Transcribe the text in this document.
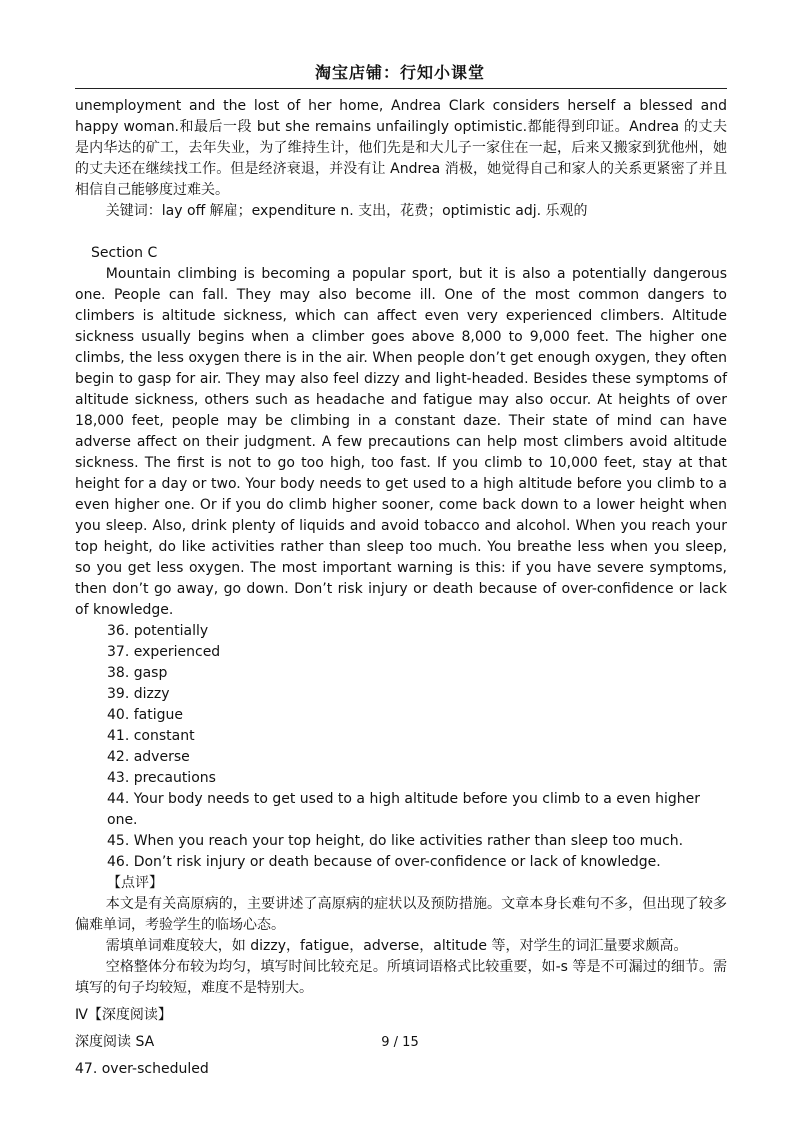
淘宝店铺：行知小课堂

unemployment and the lost of her home, Andrea Clark considers herself a blessed and happy woman.和最后一段 but she remains unfailingly optimistic.都能得到印证。Andrea 的丈夫是内华达的矿工，去年失业，为了维持生计，他们先是和大儿子一家住在一起，后来又搬家到犹他州，她的丈夫还在继续找工作。但是经济衰退，并没有让 Andrea 消极，她觉得自己和家人的关系更紧密了并且相信自己能够度过难关。

关键词：lay off 解雇；expenditure n. 支出，花费；optimistic adj. 乐观的

Section C

Mountain climbing is becoming a popular sport, but it is also a potentially dangerous one. People can fall. They may also become ill. One of the most common dangers to climbers is altitude sickness, which can affect even very experienced climbers. Altitude sickness usually begins when a climber goes above 8,000 to 9,000 feet. The higher one climbs, the less oxygen there is in the air. When people don’t get enough oxygen, they often begin to gasp for air. They may also feel dizzy and light-headed. Besides these symptoms of altitude sickness, others such as headache and fatigue may also occur. At heights of over 18,000 feet, people may be climbing in a constant daze. Their state of mind can have adverse affect on their judgment. A few precautions can help most climbers avoid altitude sickness. The first is not to go too high, too fast. If you climb to 10,000 feet, stay at that height for a day or two. Your body needs to get used to a high altitude before you climb to a even higher one. Or if you do climb higher sooner, come back down to a lower height when you sleep. Also, drink plenty of liquids and avoid tobacco and alcohol. When you reach your top height, do like activities rather than sleep too much. You breathe less when you sleep, so you get less oxygen. The most important warning is this: if you have severe symptoms, then don’t go away, go down. Don’t risk injury or death because of over-confidence or lack of knowledge.

36. potentially

37. experienced

38. gasp

39. dizzy

40. fatigue

41. constant

42. adverse

43. precautions

44. Your body needs to get used to a high altitude before you climb to a even higher one.

45. When you reach your top height, do like activities rather than sleep too much.

46. Don’t risk injury or death because of over-confidence or lack of knowledge.

【点评】

本文是有关高原病的，主要讲述了高原病的症状以及预防措施。文章本身长难句不多，但出现了较多偏难单词，考验学生的临场心态。

需填单词难度较大，如 dizzy，fatigue，adverse，altitude 等，对学生的词汇量要求颇高。

空格整体分布较为均匀，填写时间比较充足。所填词语格式比较重要，如-s 等是不可漏过的细节。需填写的句子均较短，难度不是特别大。

Ⅳ【深度阅读】

深度阅读 SA

47. over-scheduled

9 / 15
